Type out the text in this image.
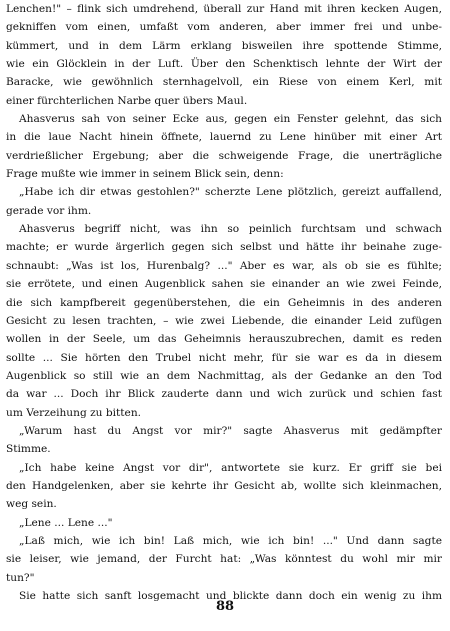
Lenchen!" – flink sich umdrehend, überall zur Hand mit ihren kecken Augen,
gekniffen vom einen, umfaßt vom anderen, aber immer frei und unbe-
kümmert, und in dem Lärm erklang bisweilen ihre spottende Stimme,
wie ein Glöcklein in der Luft. Über den Schenktisch lehnte der Wirt der
Baracke, wie gewöhnlich sternhagelvoll, ein Riese von einem Kerl, mit
einer fürchterlichen Narbe quer übers Maul.
Ahasverus sah von seiner Ecke aus, gegen ein Fenster gelehnt, das sich
in die laue Nacht hinein öffnete, lauernd zu Lene hinüber mit einer Art
verdrießlicher Ergebung; aber die schweigende Frage, die unerträgliche
Frage mußte wie immer in seinem Blick sein, denn:
„Habe ich dir etwas gestohlen?" scherzte Lene plötzlich, gereizt auffallend,
gerade vor ihm.
Ahasverus begriff nicht, was ihn so peinlich furchtsam und schwach
machte; er wurde ärgerlich gegen sich selbst und hätte ihr beinahe zuge-
schnaubt: „Was ist los, Hurenbalg? ..." Aber es war, als ob sie es fühlte;
sie errötete, und einen Augenblick sahen sie einander an wie zwei Feinde,
die sich kampfbereit gegenüberstehen, die ein Geheimnis in des anderen
Gesicht zu lesen trachten, – wie zwei Liebende, die einander Leid zufügen
wollen in der Seele, um das Geheimnis herauszubrechen, damit es reden
sollte ... Sie hörten den Trubel nicht mehr, für sie war es da in diesem
Augenblick so still wie an dem Nachmittag, als der Gedanke an den Tod
da war ... Doch ihr Blick zauderte dann und wich zurück und schien fast
um Verzeihung zu bitten.
„Warum hast du Angst vor mir?" sagte Ahasverus mit gedämpfter
Stimme.
„Ich habe keine Angst vor dir", antwortete sie kurz. Er griff sie bei
den Handgelenken, aber sie kehrte ihr Gesicht ab, wollte sich kleinmachen,
weg sein.
„Lene ... Lene ..."
„Laß mich, wie ich bin! Laß mich, wie ich bin! ..." Und dann sagte
sie leiser, wie jemand, der Furcht hat: „Was könntest du wohl mir mir
tun?"
Sie hatte sich sanft losgemacht und blickte dann doch ein wenig zu ihm
88
